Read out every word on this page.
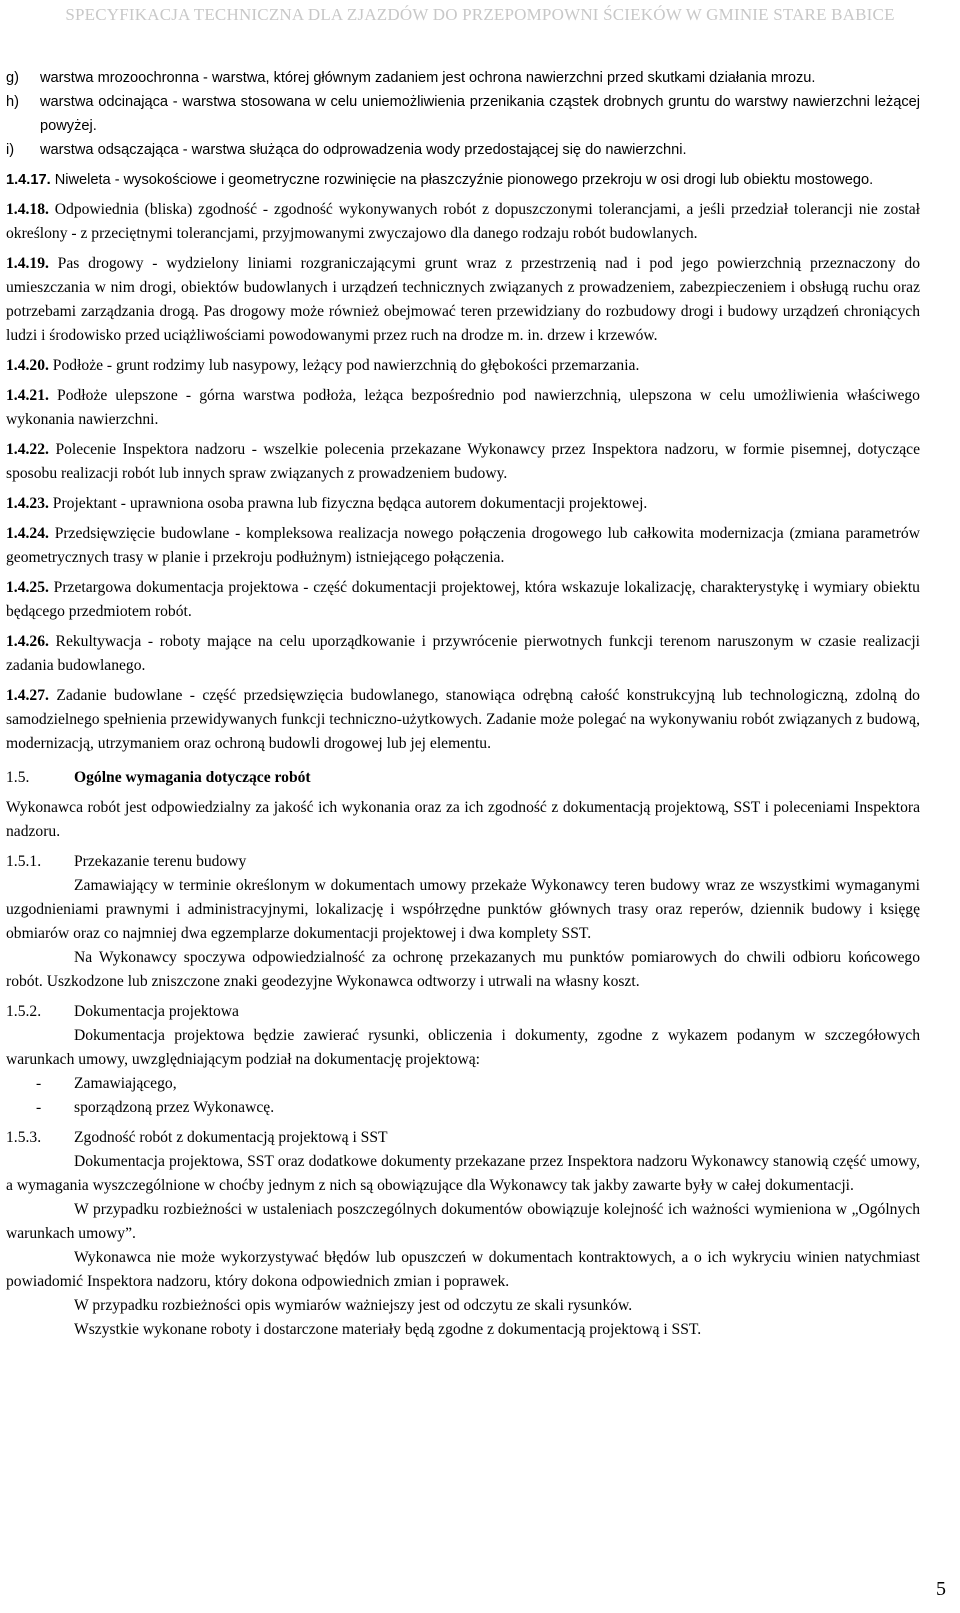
SPECYFIKACJA TECHNICZNA DLA ZJAZDÓW DO PRZEPOMPOWNI ŚCIEKÓW W GMINIE STARE BABICE
g) warstwa mrozoochronna - warstwa, której głównym zadaniem jest ochrona nawierzchni przed skutkami działania mrozu.
h) warstwa odcinająca - warstwa stosowana w celu uniemożliwienia przenikania cząstek drobnych gruntu do warstwy nawierzchni leżącej powyżej.
i) warstwa odsączająca - warstwa służąca do odprowadzenia wody przedostającej się do nawierzchni.

1.4.17. Niweleta - wysokościowe i geometryczne rozwinięcie na płaszczyźnie pionowego przekroju w osi drogi lub obiektu mostowego.

1.4.18. Odpowiednia (bliska) zgodność - zgodność wykonywanych robót z dopuszczonymi tolerancjami, a jeśli przedział tolerancji nie został określony - z przeciętnymi tolerancjami, przyjmowanymi zwyczajowo dla danego rodzaju robót budowlanych.

1.4.19. Pas drogowy - wydzielony liniami rozgraniczającymi grunt wraz z przestrzenią nad i pod jego powierzchnią przeznaczony do umieszczania w nim drogi, obiektów budowlanych i urządzeń technicznych związanych z prowadzeniem, zabezpieczeniem i obsługą ruchu oraz potrzebami zarządzania drogą. Pas drogowy może również obejmować teren przewidziany do rozbudowy drogi i budowy urządzeń chroniących ludzi i środowisko przed uciążliwościami powodowanymi przez ruch na drodze m. in. drzew i krzewów.

1.4.20. Podłoże - grunt rodzimy lub nasypowy, leżący pod nawierzchnią do głębokości przemarzania.

1.4.21. Podłoże ulepszone - górna warstwa podłoża, leżąca bezpośrednio pod nawierzchnią, ulepszona w celu umożliwienia właściwego wykonania nawierzchni.

1.4.22. Polecenie Inspektora nadzoru - wszelkie polecenia przekazane Wykonawcy przez Inspektora nadzoru, w formie pisemnej, dotyczące sposobu realizacji robót lub innych spraw związanych z prowadzeniem budowy.

1.4.23. Projektant - uprawniona osoba prawna lub fizyczna będąca autorem dokumentacji projektowej.

1.4.24. Przedsięwzięcie budowlane - kompleksowa realizacja nowego połączenia drogowego lub całkowita modernizacja (zmiana parametrów geometrycznych trasy w planie i przekroju podłużnym) istniejącego połączenia.

1.4.25. Przetargowa dokumentacja projektowa - część dokumentacji projektowej, która wskazuje lokalizację, charakterystykę i wymiary obiektu będącego przedmiotem robót.

1.4.26. Rekultywacja - roboty mające na celu uporządkowanie i przywrócenie pierwotnych funkcji terenom naruszonym w czasie realizacji zadania budowlanego.

1.4.27. Zadanie budowlane - część przedsięwzięcia budowlanego, stanowiąca odrębną całość konstrukcyjną lub technologiczną, zdolną do samodzielnego spełnienia przewidywanych funkcji techniczno-użytkowych. Zadanie może polegać na wykonywaniu robót związanych z budową, modernizacją, utrzymaniem oraz ochroną budowli drogowej lub jej elementu.

1.5.	Ogólne wymagania dotyczące robót

Wykonawca robót jest odpowiedzialny za jakość ich wykonania oraz za ich zgodność z dokumentacją projektową, SST i poleceniami Inspektora nadzoru.

1.5.1. Przekazanie terenu budowy

Zamawiający w terminie określonym w dokumentach umowy przekaże Wykonawcy teren budowy wraz ze wszystkimi wymaganymi uzgodnieniami prawnymi i administracyjnymi, lokalizację i współrzędne punktów głównych trasy oraz reperów, dziennik budowy i księgę obmiarów oraz co najmniej dwa egzemplarze dokumentacji projektowej i dwa komplety SST.

Na Wykonawcy spoczywa odpowiedzialność za ochronę przekazanych mu punktów pomiarowych do chwili odbioru końcowego robót. Uszkodzone lub zniszczone znaki geodezyjne Wykonawca odtworzy i utrwali na własny koszt.

1.5.2. Dokumentacja projektowa

Dokumentacja projektowa będzie zawierać rysunki, obliczenia i dokumenty, zgodne z wykazem podanym w szczegółowych warunkach umowy, uwzględniającym podział na dokumentację projektową:

- Zamawiającego,
- sporządzoną przez Wykonawcę.
1.5.3. Zgodność robót z dokumentacją projektową i SST

Dokumentacja projektowa, SST oraz dodatkowe dokumenty przekazane przez Inspektora nadzoru Wykonawcy stanowią część umowy, a wymagania wyszczególnione w choćby jednym z nich są obowiązujące dla Wykonawcy tak jakby zawarte były w całej dokumentacji.

W przypadku rozbieżności w ustaleniach poszczególnych dokumentów obowiązuje kolejność ich ważności wymieniona w „Ogólnych warunkach umowy”.

Wykonawca nie może wykorzystywać błędów lub opuszczeń w dokumentach kontraktowych, a o ich wykryciu winien natychmiast powiadomić Inspektora nadzoru, który dokona odpowiednich zmian i poprawek.

W przypadku rozbieżności opis wymiarów ważniejszy jest od odczytu ze skali rysunków.

Wszystkie wykonane roboty i dostarczone materiały będą zgodne z dokumentacją projektową i SST.

5
